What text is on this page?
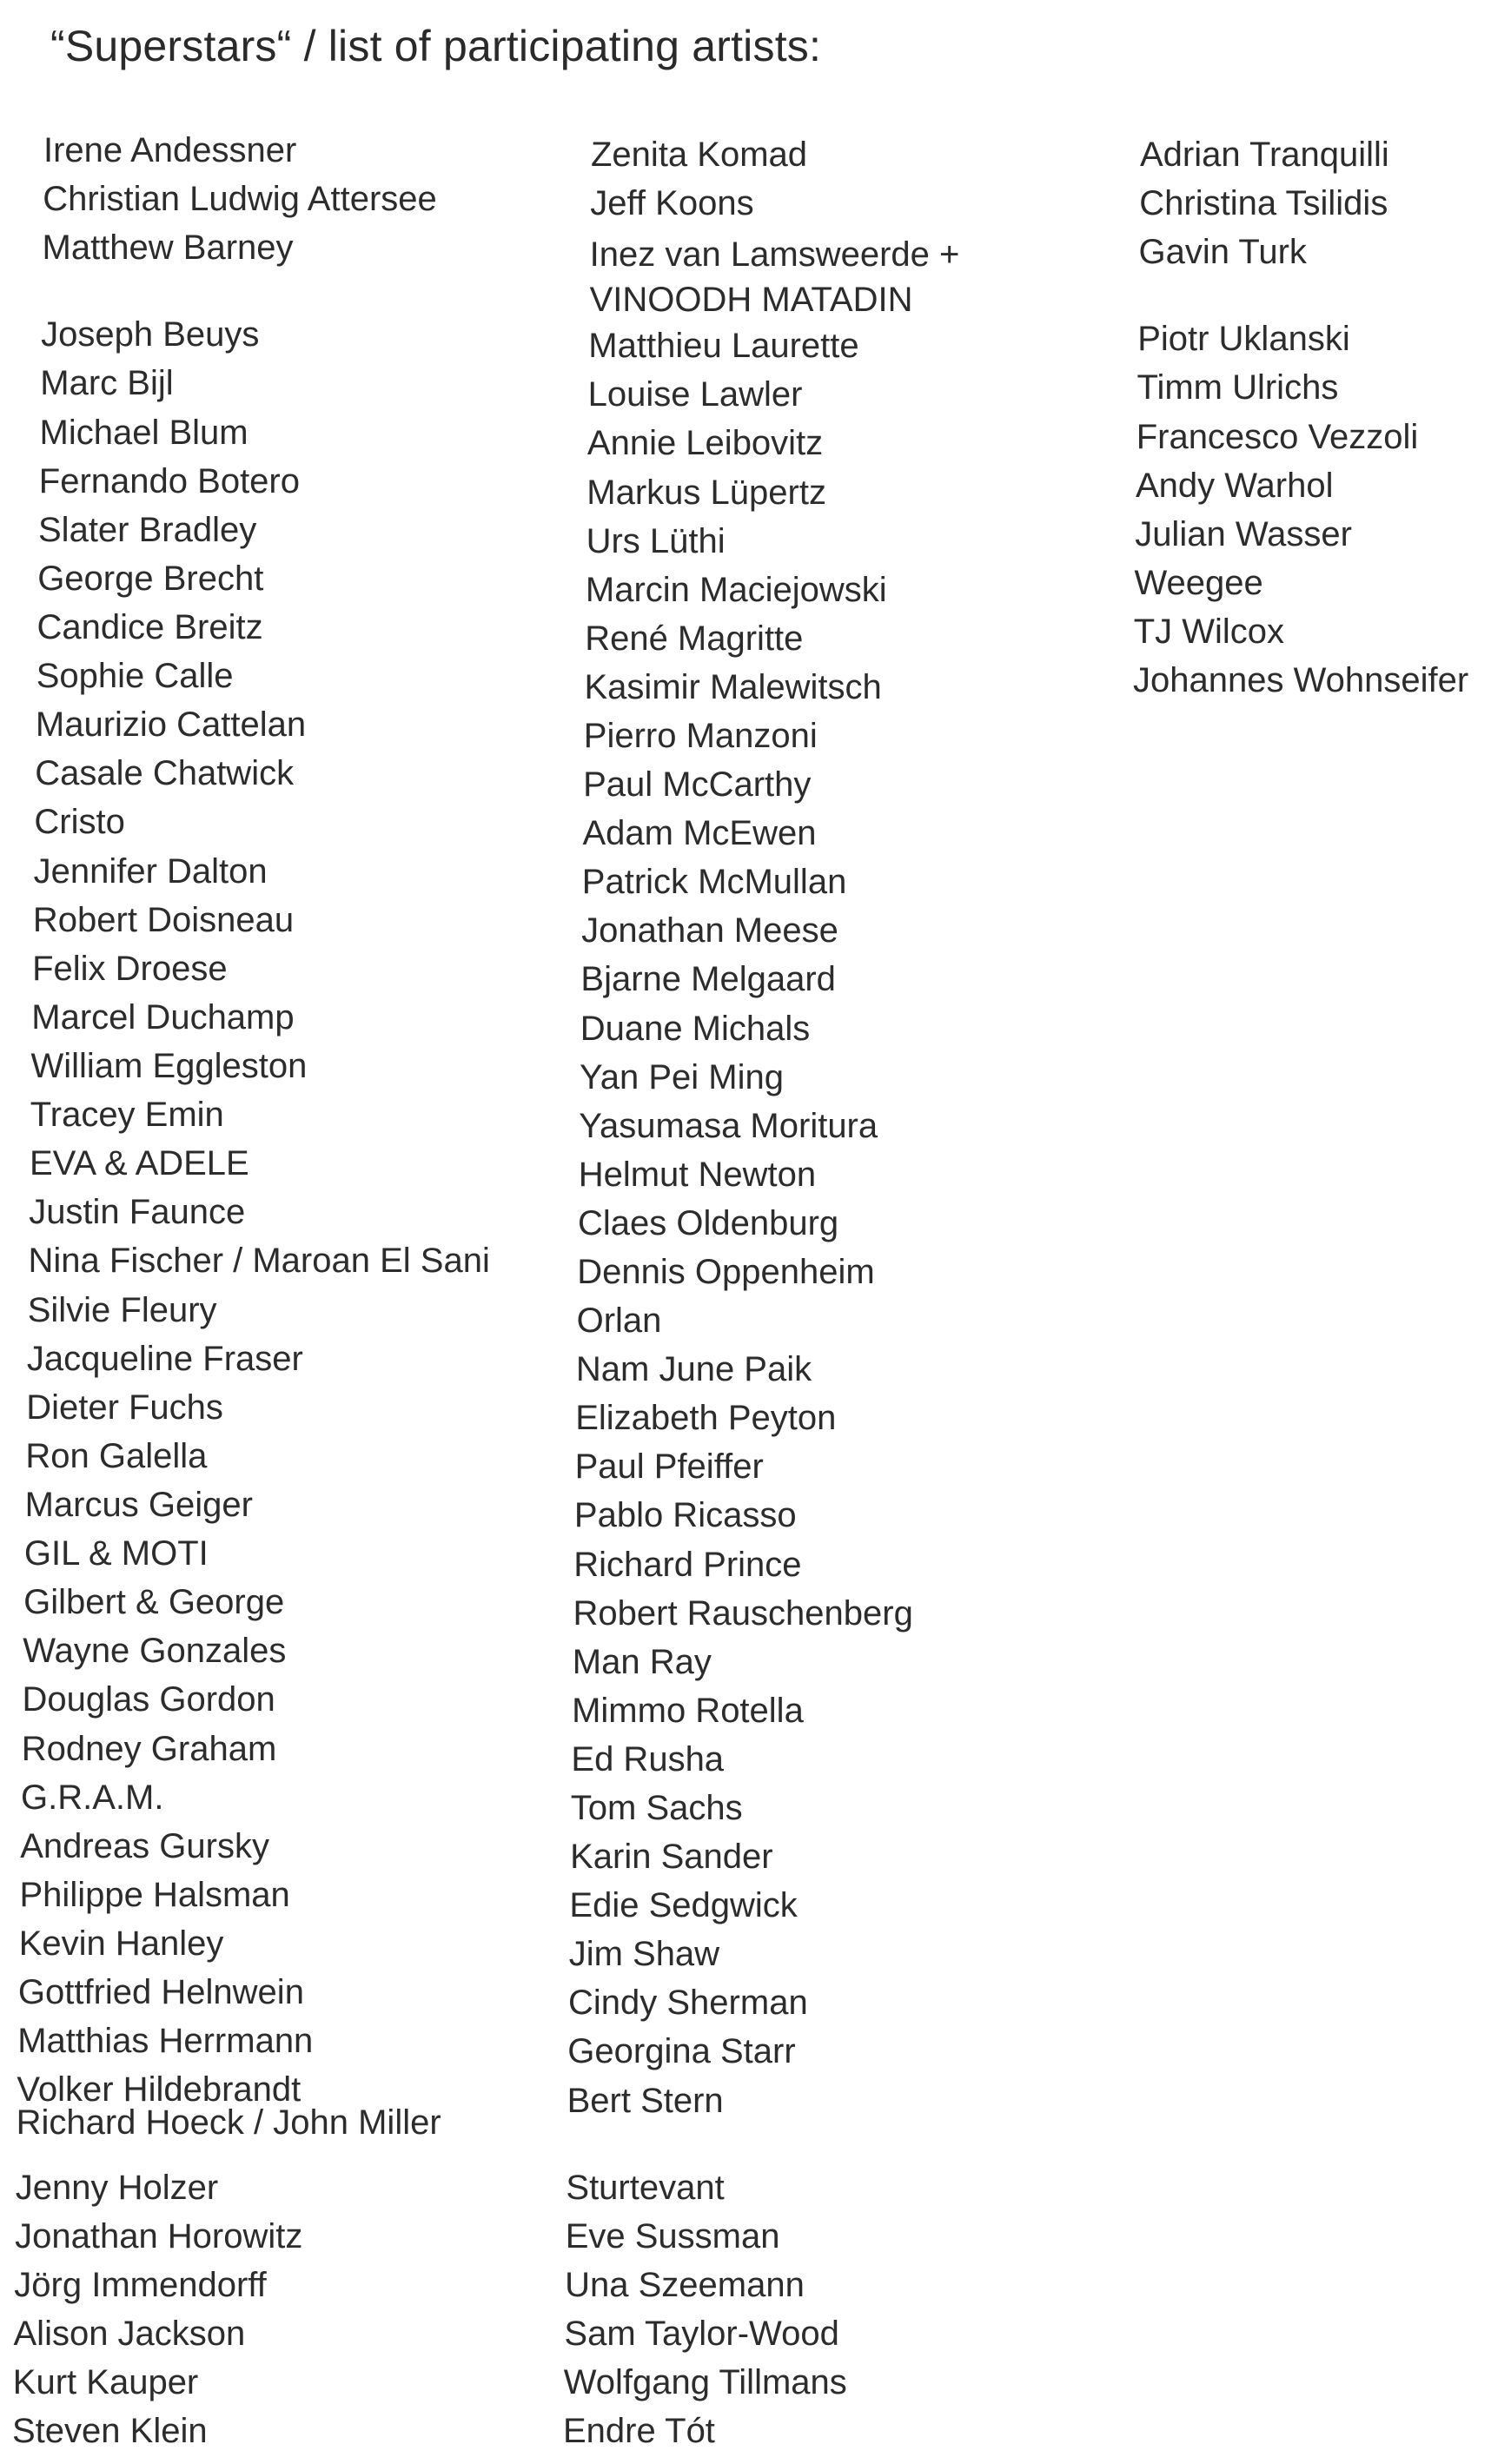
“Superstars“ / list of participating artists:
Irene Andessner
Christian Ludwig Attersee
Matthew Barney
Joseph Beuys
Marc Bijl
Michael Blum
Fernando Botero
Slater Bradley
George Brecht
Candice Breitz
Sophie Calle
Maurizio Cattelan
Casale Chatwick
Cristo
Jennifer Dalton
Robert Doisneau
Felix Droese
Marcel Duchamp
William Eggleston
Tracey Emin
EVA & ADELE
Justin Faunce
Nina Fischer / Maroan El Sani
Silvie Fleury
Jacqueline Fraser
Dieter Fuchs
Ron Galella
Marcus Geiger
GIL & MOTI
Gilbert & George
Wayne Gonzales
Douglas Gordon
Rodney Graham
G.R.A.M.
Andreas Gursky
Philippe Halsman
Kevin Hanley
Gottfried Helnwein
Matthias Herrmann
Volker Hildebrandt
Richard Hoeck / John Miller
Jenny Holzer
Jonathan Horowitz
Jörg Immendorff
Alison Jackson
Kurt Kauper
Steven Klein
Zenita Komad
Jeff Koons
Inez van Lamsweerde + VINOODH MATADIN
Matthieu Laurette
Louise Lawler
Annie Leibovitz
Markus Lüpertz
Urs Lüthi
Marcin Maciejowski
René Magritte
Kasimir Malewitsch
Pierro Manzoni
Paul McCarthy
Adam McEwen
Patrick McMullan
Jonathan Meese
Bjarne Melgaard
Duane Michals
Yan Pei Ming
Yasumasa Moritura
Helmut Newton
Claes Oldenburg
Dennis Oppenheim
Orlan
Nam June Paik
Elizabeth Peyton
Paul Pfeiffer
Pablo Ricasso
Richard Prince
Robert Rauschenberg
Man Ray
Mimmo Rotella
Ed Rusha
Tom Sachs
Karin Sander
Edie Sedgwick
Jim Shaw
Cindy Sherman
Georgina Starr
Bert Stern
Sturtevant
Eve Sussman
Una Szeemann
Sam Taylor-Wood
Wolfgang Tillmans
Endre Tót
Adrian Tranquilli
Christina Tsilidis
Gavin Turk
Piotr Uklanski
Timm Ulrichs
Francesco Vezzoli
Andy Warhol
Julian Wasser
Weegee
TJ Wilcox
Johannes Wohnseifer
